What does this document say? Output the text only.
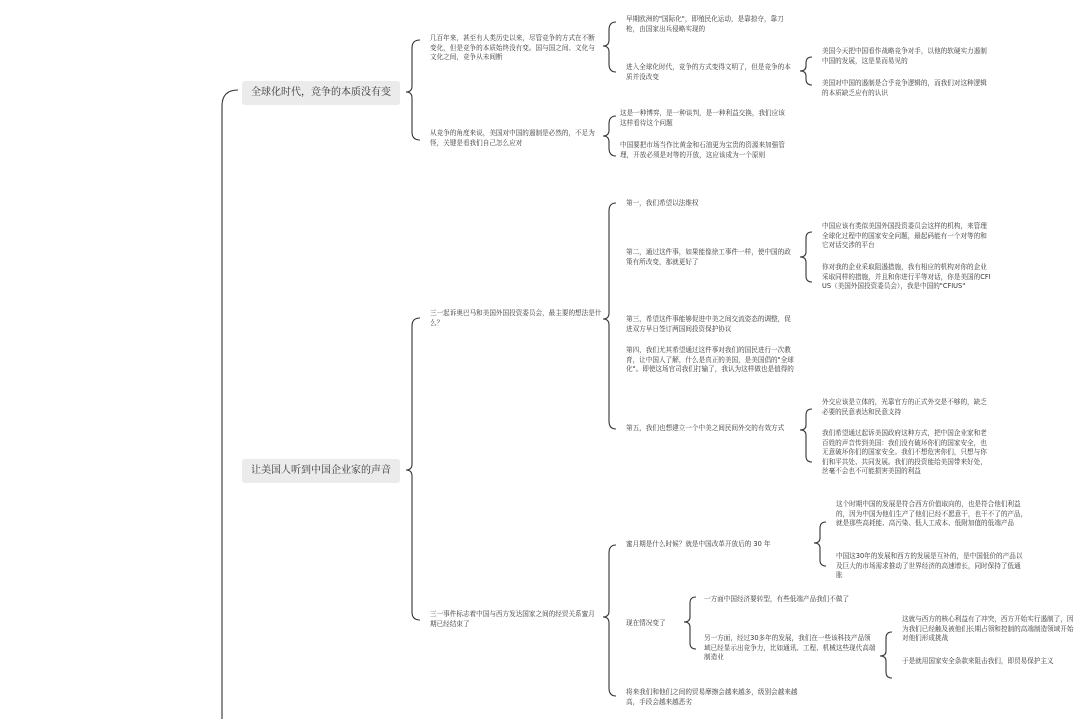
全球化时代，竞争的本质没有变
让美国人听到中国企业家的声音
几百年来，甚至有人类历史以来，尽管竞争的方式在不断变化，但是竞争的本质始终没有变。国与国之间、文化与文化之间，竞争从未间断
早期欧洲的"国际化"，即殖民化运动，是靠掠夺，靠刀枪，由国家出兵侵略实现的
进入全球化时代，竞争的方式变得文明了，但是竞争的本质并没改变
美国今天把中国看作战略竞争对手，以他的软硬实力遏制中国的发展，这是显而易见的
美国对中国的遏制是合乎竞争逻辑的，而我们对这种逻辑的本质缺乏应有的认识
从竞争的角度来说，美国对中国的遏制是必然的，不足为怪，关键是看我们自己怎么应对
这是一种博弈，是一种谈判，是一种利益交换，我们应该这样看待这个问题
中国要把市场当作比黄金和石油更为宝贵的资源来加强管理，开放必须是对等的开放，这应该成为一个原则
三一起诉奥巴马和美国外国投资委员会，最主要的想法是什么？
第一，我们希望以法维权
第二，通过这件事，如果能像徐工事件一样，使中国的政策有所改变，那就更好了
中国应该有类似美国外国投资委员会这样的机构，来管理全球化过程中的国家安全问题，最起码能有一个对等的和它对话交涉的平台
你对我的企业采取阻遏措施，我有相应的机构对你的企业采取同样的措施，并且和你进行平等对话，你是美国的CFIUS（美国外国投资委员会），我是中国的"CFIUS"
第三，希望这件事能够促进中美之间交流姿态的调整，促进双方早日签订两国间投资保护协议
第四，我们尤其希望通过这件事对我们的国民进行一次教育，让中国人了解，什么是真正的美国，是美国倡的"全球化"。即使这场官司我们打输了，我认为这样做也是值得的
第五，我们也想建立一个中美之间民间外交的有效方式
外交应该是立体的，光靠官方的正式外交是不够的，缺乏必要的民意表达和民意支持
我们希望通过起诉美国政府这种方式，把中国企业家和老百姓的声音传到美国：我们没有破坏你们的国家安全，也无意破坏你们的国家安全。我们不想危害你们，只想与你们和平共处、共同发展。我们的投资能给美国带来好处，丝毫不会也不可能损害美国的利益
三一事件标志着中国与西方发达国家之间的经贸关系蜜月期已经结束了
蜜月期是什么时候？就是中国改革开放后的 30 年
这个时期中国的发展是符合西方价值取向的，也是符合他们利益的，因为中国为他们生产了他们已经不愿意干，也干不了的产品，就是那些高耗能、高污染、低人工成本、低附加值的低端产品
中国这30年的发展和西方的发展是互补的，是中国低价的产品以及巨大的市场需求推动了世界经济的高速增长，同时保持了低通胀
现在情况变了
一方面中国经济要转型，有些低端产品我们不做了
另一方面，经过30多年的发展，我们在一些该科技产品领域已经显示出竞争力，比如通讯、工程、机械这些现代高端制造业
这就与西方的核心利益有了冲突，西方开始实行遏制了，因为我们已经触及被他们长期占领和控制的高端制造领域开始对他们形成挑战
于是就用国家安全条款来阻击我们，即贸易保护主义
将来我们和他们之间的贸易摩擦会越来越多，级别会越来越高，手段会越来越恶劣
